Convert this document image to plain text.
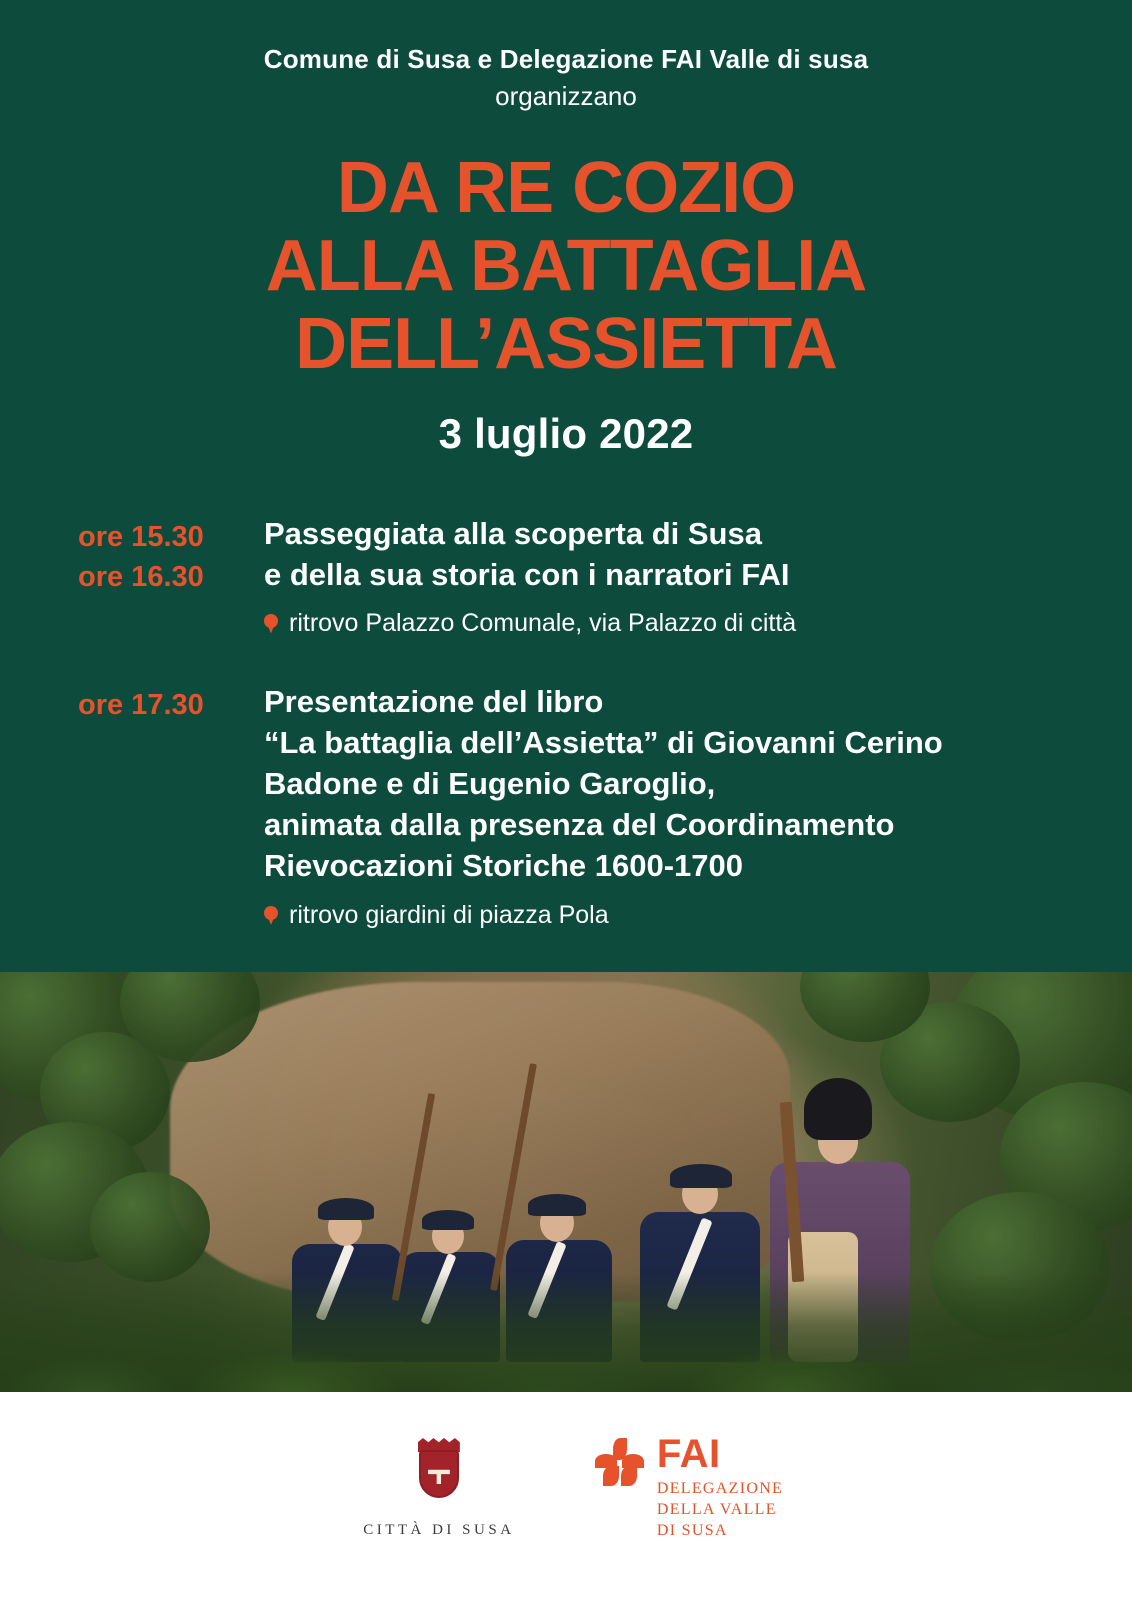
Comune di Susa e Delegazione FAI Valle di susa
organizzano
DA RE COZIO
ALLA BATTAGLIA
DELL’ASSIETTA
3 luglio 2022
ore 15.30
ore 16.30
Passeggiata alla scoperta di Susa
e della sua storia con i narratori FAI
ritrovo Palazzo Comunale, via Palazzo di città
ore 17.30	Presentazione del libro
“La battaglia dell’Assietta” di Giovanni Cerino
Badone e di Eugenio Garoglio,
animata dalla presenza del Coordinamento
Rievocazioni Storiche 1600-1700
ritrovo giardini di piazza Pola
CITTÀ DI SUSA
FAI
DELEGAZIONE
DELLA VALLE
DI SUSA
